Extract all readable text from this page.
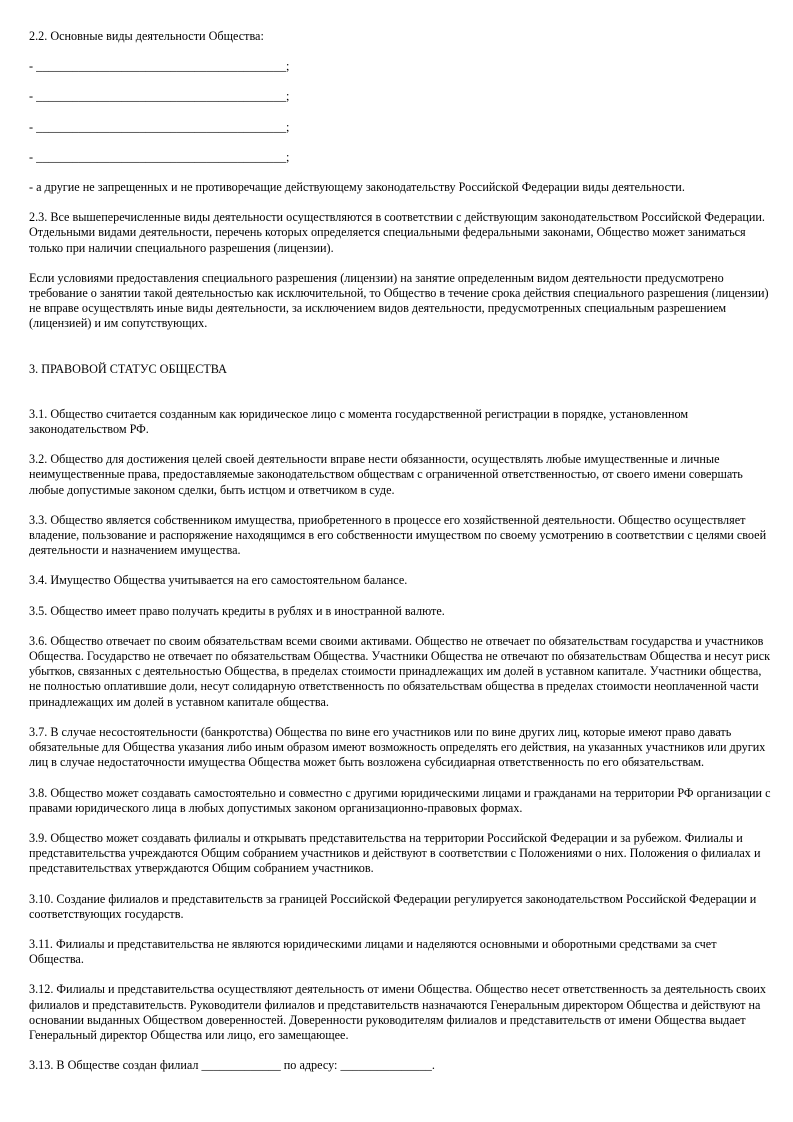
2.2. Основные виды деятельности Общества:

- _________________________________________;

- _________________________________________;

- _________________________________________;

- _________________________________________;

- а другие не запрещенных и не противоречащие действующему законодательству Российской Федерации виды деятельности.

2.3. Все вышеперечисленные виды деятельности осуществляются в соответствии с действующим законодательством Российской Федерации. Отдельными видами деятельности, перечень которых определяется специальными федеральными законами, Общество может заниматься только при наличии специального разрешения (лицензии).

Если условиями предоставления специального разрешения (лицензии) на занятие определенным видом деятельности предусмотрено требование о занятии такой деятельностью как исключительной, то Общество в течение срока действия специального разрешения (лицензии) не вправе осуществлять иные виды деятельности, за исключением видов деятельности, предусмотренных специальным разрешением (лицензией) и им сопутствующих.

3. ПРАВОВОЙ СТАТУС ОБЩЕСТВА

3.1. Общество считается созданным как юридическое лицо с момента государственной регистрации в порядке, установленном законодательством РФ.

3.2. Общество для достижения целей своей деятельности вправе нести обязанности, осуществлять любые имущественные и личные неимущественные права, предоставляемые законодательством обществам с ограниченной ответственностью, от своего имени совершать любые допустимые законом сделки, быть истцом и ответчиком в суде.

3.3. Общество является собственником имущества, приобретенного в процессе его хозяйственной деятельности. Общество осуществляет владение, пользование и распоряжение находящимся в его собственности имуществом по своему усмотрению в соответствии с целями своей деятельности и назначением имущества.

3.4. Имущество Общества учитывается на его самостоятельном балансе.

3.5. Общество имеет право получать кредиты в рублях и в иностранной валюте.

3.6. Общество отвечает по своим обязательствам всеми своими активами. Общество не отвечает по обязательствам государства и участников Общества. Государство не отвечает по обязательствам Общества. Участники Общества не отвечают по обязательствам Общества и несут риск убытков, связанных с деятельностью Общества, в пределах стоимости принадлежащих им долей в уставном капитале. Участники общества, не полностью оплатившие доли, несут солидарную ответственность по обязательствам общества в пределах стоимости неоплаченной части принадлежащих им долей в уставном капитале общества.

3.7. В случае несостоятельности (банкротства) Общества по вине его участников или по вине других лиц, которые имеют право давать обязательные для Общества указания либо иным образом имеют возможность определять его действия, на указанных участников или других лиц в случае недостаточности имущества Общества может быть возложена субсидиарная ответственность по его обязательствам.

3.8. Общество может создавать самостоятельно и совместно с другими юридическими лицами и гражданами на территории РФ организации с правами юридического лица в любых допустимых законом организационно-правовых формах.

3.9. Общество может создавать филиалы и открывать представительства на территории Российской Федерации и за рубежом. Филиалы и представительства учреждаются Общим собранием участников и действуют в соответствии с Положениями о них. Положения о филиалах и представительствах утверждаются Общим собранием участников.

3.10. Создание филиалов и представительств за границей Российской Федерации регулируется законодательством Российской Федерации и соответствующих государств.

3.11. Филиалы и представительства не являются юридическими лицами и наделяются основными и оборотными средствами за счет Общества.

3.12. Филиалы и представительства осуществляют деятельность от имени Общества. Общество несет ответственность за деятельность своих филиалов и представительств. Руководители филиалов и представительств назначаются Генеральным директором Общества и действуют на основании выданных Обществом доверенностей. Доверенности руководителям филиалов и представительств от имени Общества выдает Генеральный директор Общества или лицо, его замещающее.

3.13. В Обществе создан филиал _____________ по адресу: _______________.
